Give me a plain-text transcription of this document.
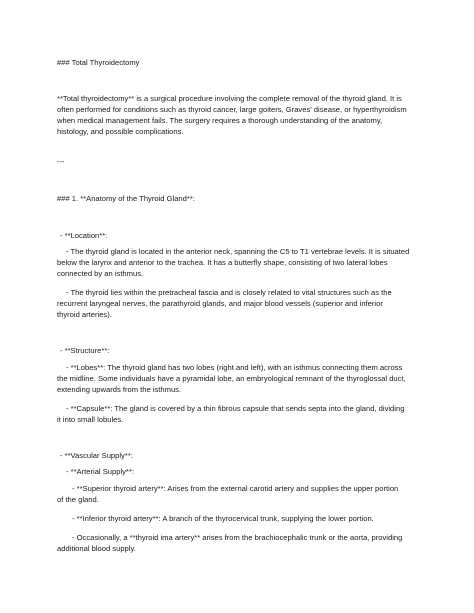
### Total Thyroidectomy
**Total thyroidectomy** is a surgical procedure involving the complete removal of the thyroid gland. It is
often performed for conditions such as thyroid cancer, large goiters, Graves' disease, or hyperthyroidism
when medical management fails. The surgery requires a thorough understanding of the anatomy,
histology, and possible complications.
---
### 1. **Anatomy of the Thyroid Gland**:
- **Location**:
- The thyroid gland is located in the anterior neck, spanning the C5 to T1 vertebrae levels. It is situated
below the larynx and anterior to the trachea. It has a butterfly shape, consisting of two lateral lobes
connected by an isthmus.
- The thyroid lies within the pretracheal fascia and is closely related to vital structures such as the
recurrent laryngeal nerves, the parathyroid glands, and major blood vessels (superior and inferior
thyroid arteries).
- **Structure**:
- **Lobes**: The thyroid gland has two lobes (right and left), with an isthmus connecting them across
the midline. Some individuals have a pyramidal lobe, an embryological remnant of the thyroglossal duct,
extending upwards from the isthmus.
- **Capsule**: The gland is covered by a thin fibrous capsule that sends septa into the gland, dividing
it into small lobules.
- **Vascular Supply**:
- **Arterial Supply**:
- **Superior thyroid artery**: Arises from the external carotid artery and supplies the upper portion
of the gland.
- **Inferior thyroid artery**: A branch of the thyrocervical trunk, supplying the lower portion.
- Occasionally, a **thyroid ima artery** arises from the brachiocephalic trunk or the aorta, providing
additional blood supply.
